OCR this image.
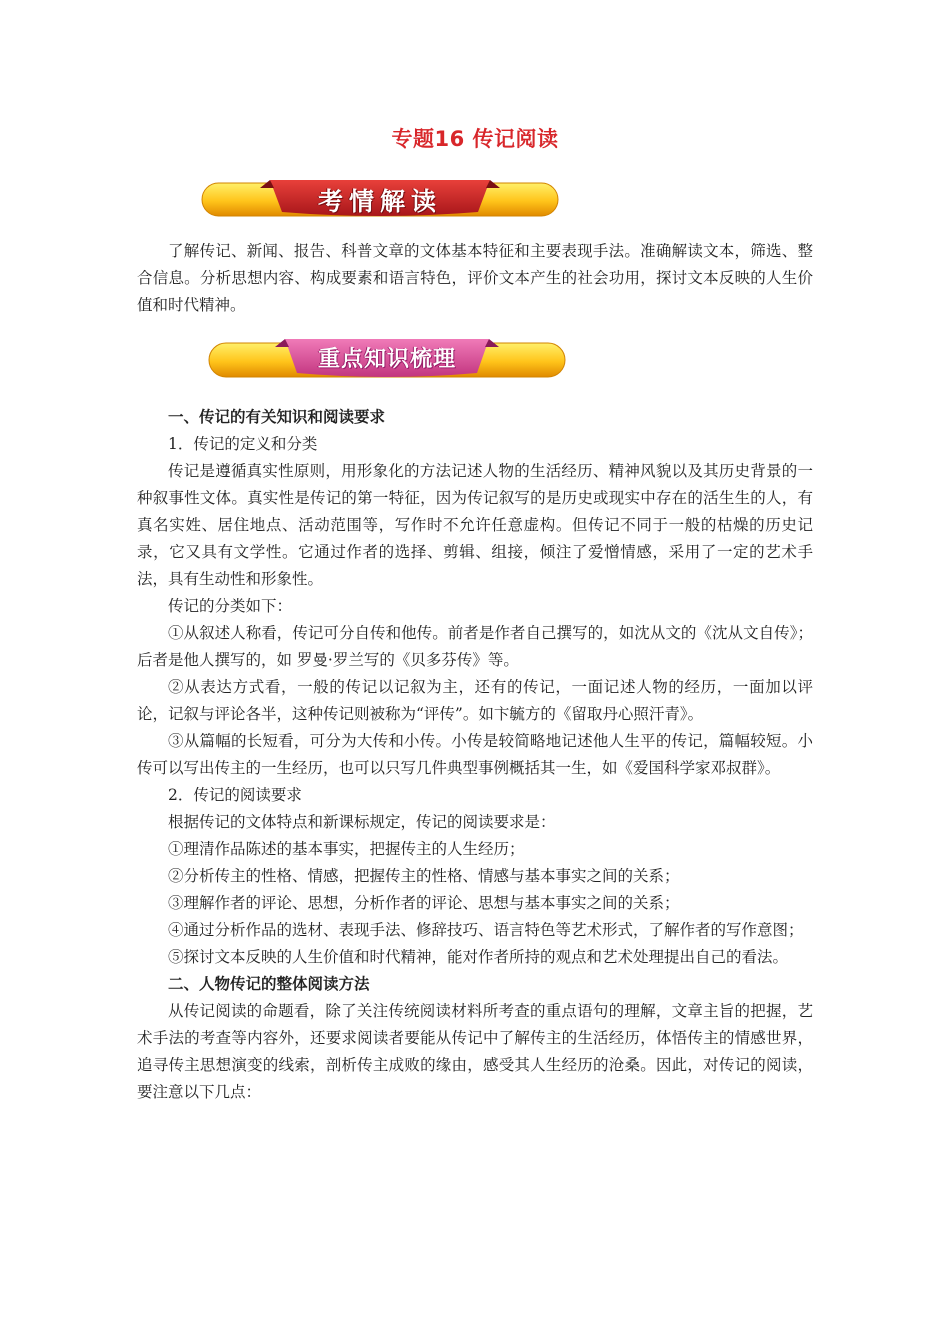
专题16 传记阅读
考情解读

了解传记、新闻、报告、科普文章的文体基本特征和主要表现手法。准确解读文本，筛选、整合信息。分析思想内容、构成要素和语言特色，评价文本产生的社会功用，探讨文本反映的人生价值和时代精神。

重点知识梳理

一、传记的有关知识和阅读要求

1．传记的定义和分类

传记是遵循真实性原则，用形象化的方法记述人物的生活经历、精神风貌以及其历史背景的一种叙事性文体。真实性是传记的第一特征，因为传记叙写的是历史或现实中存在的活生生的人，有真名实姓、居住地点、活动范围等，写作时不允许任意虚构。但传记不同于一般的枯燥的历史记录，它又具有文学性。它通过作者的选择、剪辑、组接，倾注了爱憎情感，采用了一定的艺术手法，具有生动性和形象性。

传记的分类如下：

①从叙述人称看，传记可分自传和他传。前者是作者自己撰写的，如沈从文的《沈从文自传》；后者是他人撰写的，如 罗曼·罗兰写的《贝多芬传》等。

②从表达方式看，一般的传记以记叙为主，还有的传记，一面记述人物的经历，一面加以评论，记叙与评论各半，这种传记则被称为“评传”。如卞毓方的《留取丹心照汗青》。

③从篇幅的长短看，可分为大传和小传。小传是较简略地记述他人生平的传记，篇幅较短。小传可以写出传主的一生经历，也可以只写几件典型事例概括其一生，如《爱国科学家邓叔群》。

2．传记的阅读要求

根据传记的文体特点和新课标规定，传记的阅读要求是：

①理清作品陈述的基本事实，把握传主的人生经历；

②分析传主的性格、情感，把握传主的性格、情感与基本事实之间的关系；

③理解作者的评论、思想，分析作者的评论、思想与基本事实之间的关系；

④通过分析作品的选材、表现手法、修辞技巧、语言特色等艺术形式，了解作者的写作意图；

⑤探讨文本反映的人生价值和时代精神，能对作者所持的观点和艺术处理提出自己的看法。

二、人物传记的整体阅读方法

从传记阅读的命题看，除了关注传统阅读材料所考查的重点语句的理解，文章主旨的把握，艺术手法的考查等内容外，还要求阅读者要能从传记中了解传主的生活经历，体悟传主的情感世界，追寻传主思想演变的线索，剖析传主成败的缘由，感受其人生经历的沧桑。因此，对传记的阅读，要注意以下几点：
